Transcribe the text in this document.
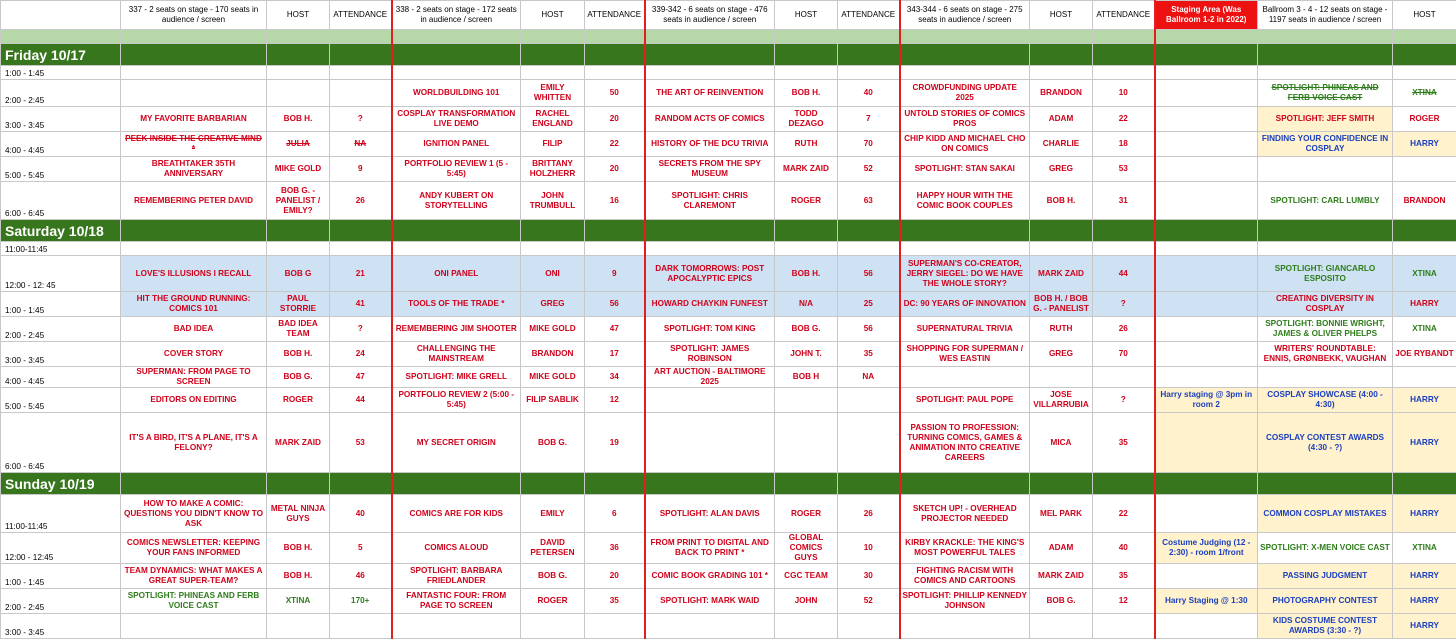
	337 - 2 seats on stage - 170 seats in audience / screen	HOST	ATTENDANCE	338 - 2 seats on stage - 172 seats in audience / screen	HOST	ATTENDANCE	339-342 - 6 seats on stage - 476 seats in audience / screen	HOST	ATTENDANCE	343-344 - 6 seats on stage - 275 seats in audience / screen	HOST	ATTENDANCE	Staging Area (Was Ballroom 1-2 in 2022)	Ballroom 3 - 4 - 12 seats on stage - 1197 seats in audience / screen	HOST

Friday 10/17															
1:00 - 1:45															
2:00 - 2:45				WORLDBUILDING 101	EMILY WHITTEN	50	THE ART OF REINVENTION	BOB H.	40	CROWDFUNDING UPDATE 2025	BRANDON	10		SPOTLIGHT: PHINEAS AND FERB VOICE CAST	XTINA
3:00 - 3:45	MY FAVORITE BARBARIAN	BOB H.	?	COSPLAY TRANSFORMATION LIVE DEMO	RACHEL ENGLAND	20	RANDOM ACTS OF COMICS	TODD DEZAGO	7	UNTOLD STORIES OF COMICS PROS	ADAM	22		SPOTLIGHT: JEFF SMITH	ROGER
4:00 - 4:45	PEEK INSIDE THE CREATIVE MIND *	JULIA	NA	IGNITION PANEL	FILIP	22	HISTORY OF THE DCU TRIVIA	RUTH	70	CHIP KIDD AND MICHAEL CHO ON COMICS	CHARLIE	18		FINDING YOUR CONFIDENCE IN COSPLAY	HARRY
5:00 - 5:45	BREATHTAKER 35TH ANNIVERSARY	MIKE GOLD	9	PORTFOLIO REVIEW 1 (5 - 5:45)	BRITTANY HOLZHERR	20	SECRETS FROM THE SPY MUSEUM	MARK ZAID	52	SPOTLIGHT: STAN SAKAI	GREG	53			
6:00 - 6:45	REMEMBERING PETER DAVID	BOB G. - PANELIST / EMILY?	26	ANDY KUBERT ON STORYTELLING	JOHN TRUMBULL	16	SPOTLIGHT: CHRIS CLAREMONT	ROGER	63	HAPPY HOUR WITH THE COMIC BOOK COUPLES	BOB H.	31		SPOTLIGHT: CARL LUMBLY	BRANDON
Saturday 10/18															
11:00-11:45															
12:00 - 12: 45	LOVE'S ILLUSIONS I RECALL	BOB G	21	ONI PANEL	ONI	9	DARK TOMORROWS: POST APOCALYPTIC EPICS	BOB H.	56	SUPERMAN'S CO-CREATOR, JERRY SIEGEL: DO WE HAVE THE WHOLE STORY?	MARK ZAID	44		SPOTLIGHT: GIANCARLO ESPOSITO	XTINA
1:00 - 1:45	HIT THE GROUND RUNNING: COMICS 101	PAUL STORRIE	41	TOOLS OF THE TRADE *	GREG	56	HOWARD CHAYKIN FUNFEST	N/A	25	DC: 90 YEARS OF INNOVATION	BOB H. / BOB G. - PANELIST	?		CREATING DIVERSITY IN COSPLAY	HARRY
2:00 - 2:45	BAD IDEA	BAD IDEA TEAM	?	REMEMBERING JIM SHOOTER	MIKE GOLD	47	SPOTLIGHT: TOM KING	BOB G.	56	SUPERNATURAL TRIVIA	RUTH	26		SPOTLIGHT: BONNIE WRIGHT, JAMES & OLIVER PHELPS	XTINA
3:00 - 3:45	COVER STORY	BOB H.	24	CHALLENGING THE MAINSTREAM	BRANDON	17	SPOTLIGHT: JAMES ROBINSON	JOHN T.	35	SHOPPING FOR SUPERMAN / WES EASTIN	GREG	70		WRITERS' ROUNDTABLE: ENNIS, GRØNBEKK, VAUGHAN	JOE RYBANDT
4:00 - 4:45	SUPERMAN: FROM PAGE TO SCREEN	BOB G.	47	SPOTLIGHT: MIKE GRELL	MIKE GOLD	34	ART AUCTION - BALTIMORE 2025	BOB H	NA						
5:00 - 5:45	EDITORS ON EDITING	ROGER	44	PORTFOLIO REVIEW 2 (5:00 - 5:45)	FILIP SABLIK	12				SPOTLIGHT: PAUL POPE	JOSE VILLARRUBIA	?	Harry staging @ 3pm in room 2	COSPLAY SHOWCASE (4:00 - 4:30)	HARRY
6:00 - 6:45	IT'S A BIRD, IT'S A PLANE, IT'S A FELONY?	MARK ZAID	53	MY SECRET ORIGIN	BOB G.	19				PASSION TO PROFESSION: TURNING COMICS, GAMES & ANIMATION INTO CREATIVE CAREERS	MICA	35		COSPLAY CONTEST AWARDS (4:30 - ?)	HARRY
Sunday 10/19															
11:00-11:45	HOW TO MAKE A COMIC: QUESTIONS YOU DIDN'T KNOW TO ASK	METAL NINJA GUYS	40	COMICS ARE FOR KIDS	EMILY	6	SPOTLIGHT: ALAN DAVIS	ROGER	26	SKETCH UP! - OVERHEAD PROJECTOR NEEDED	MEL PARK	22		COMMON COSPLAY MISTAKES	HARRY
12:00 - 12:45	COMICS NEWSLETTER: KEEPING YOUR FANS INFORMED	BOB H.	5	COMICS ALOUD	DAVID PETERSEN	36	FROM PRINT TO DIGITAL AND BACK TO PRINT *	GLOBAL COMICS GUYS	10	KIRBY KRACKLE: THE KING'S MOST POWERFUL TALES	ADAM	40	Costume Judging (12 - 2:30) - room 1/front	SPOTLIGHT: X-MEN VOICE CAST	XTINA
1:00 - 1:45	TEAM DYNAMICS: WHAT MAKES A GREAT SUPER-TEAM?	BOB H.	46	SPOTLIGHT: BARBARA FRIEDLANDER	BOB G.	20	COMIC BOOK GRADING 101 *	CGC TEAM	30	FIGHTING RACISM WITH COMICS AND CARTOONS	MARK ZAID	35		PASSING JUDGMENT	HARRY
2:00 - 2:45	SPOTLIGHT: PHINEAS AND FERB VOICE CAST	XTINA	170+	FANTASTIC FOUR: FROM PAGE TO SCREEN	ROGER	35	SPOTLIGHT: MARK WAID	JOHN	52	SPOTLIGHT: PHILLIP KENNEDY JOHNSON	BOB G.	12	Harry Staging @ 1:30	PHOTOGRAPHY CONTEST	HARRY
3:00 - 3:45														KIDS COSTUME CONTEST AWARDS (3:30 - ?)	HARRY
